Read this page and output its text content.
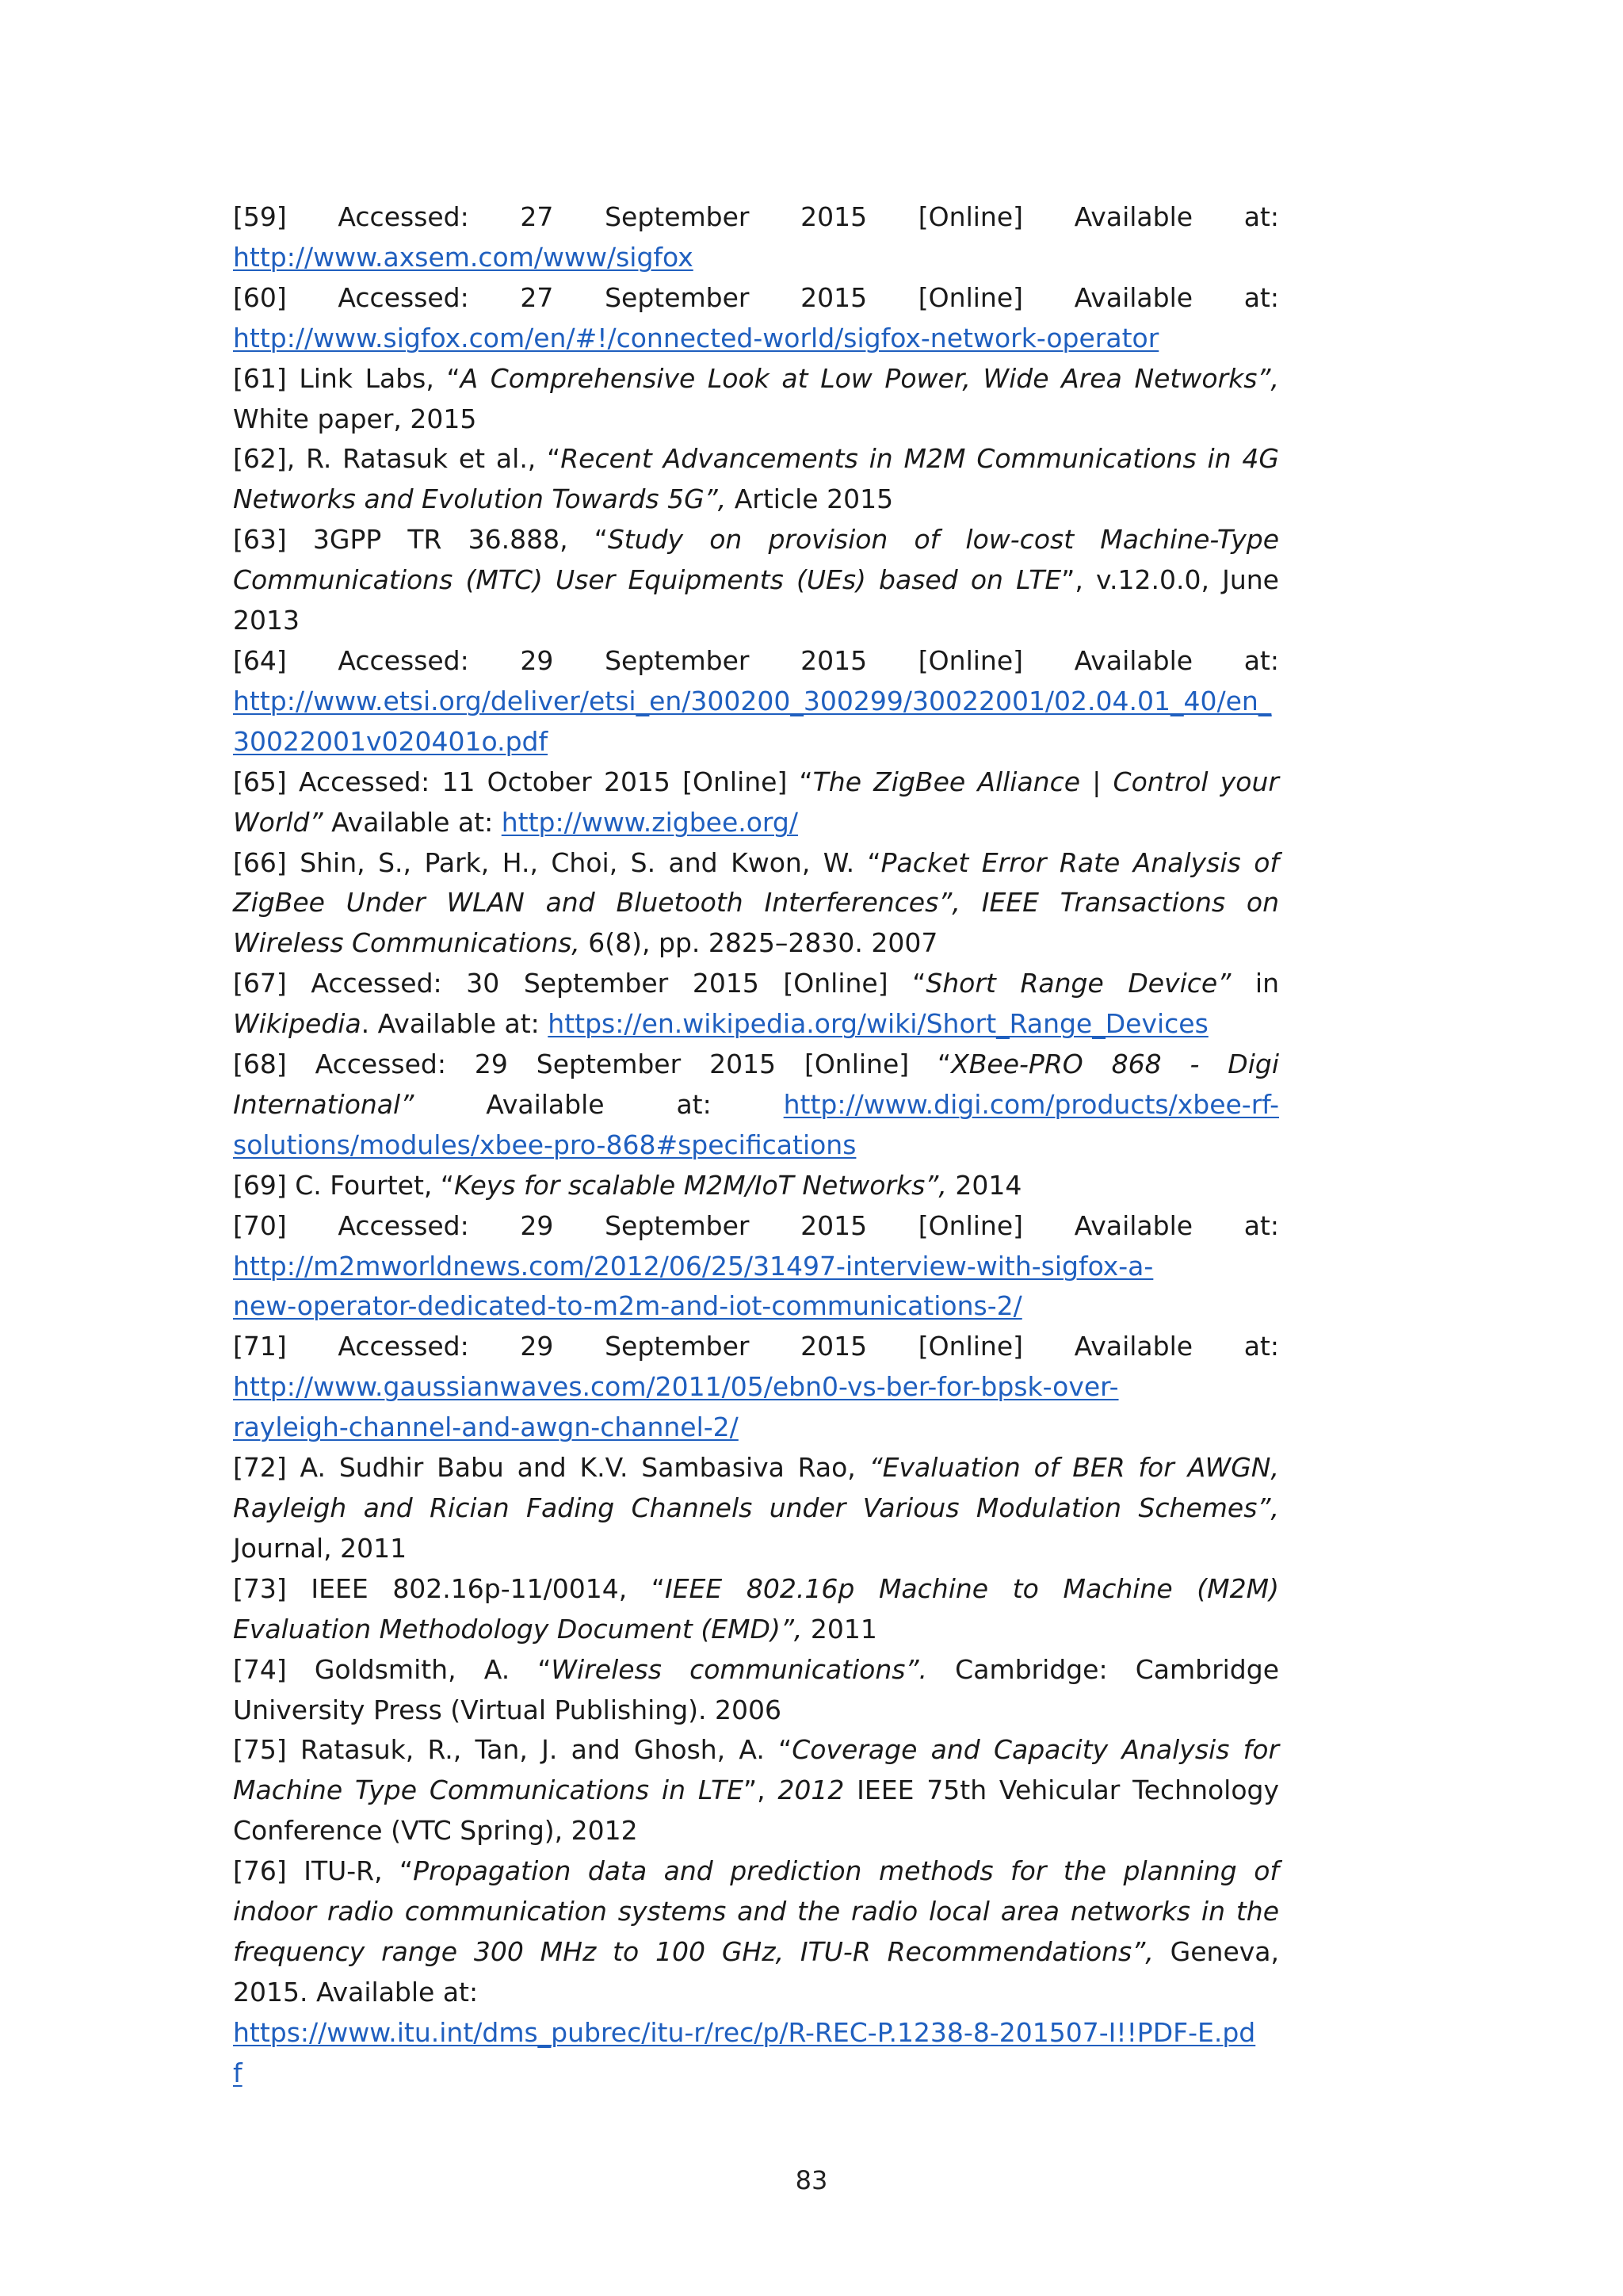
[59] Accessed: 27 September 2015 [Online] Available at:

http://www.axsem.com/www/sigfox

[60] Accessed: 27 September 2015 [Online] Available at:

http://www.sigfox.com/en/#!/connected-world/sigfox-network-operator

[61] Link Labs, “A Comprehensive Look at Low Power, Wide Area Networks”, White paper, 2015

[62], R. Ratasuk et al., “Recent Advancements in M2M Communications in 4G Networks and Evolution Towards 5G”, Article 2015

[63] 3GPP TR 36.888, “Study on provision of low-cost Machine-Type Communications (MTC) User Equipments (UEs) based on LTE”, v.12.0.0, June 2013

[64] Accessed: 29 September 2015 [Online] Available at:

http://www.etsi.org/deliver/etsi_en/300200_300299/30022001/02.04.01_40/en_30022001v020401o.pdf

[65] Accessed: 11 October 2015 [Online] “The ZigBee Alliance | Control your World” Available at: http://www.zigbee.org/

[66] Shin, S., Park, H., Choi, S. and Kwon, W. “Packet Error Rate Analysis of ZigBee Under WLAN and Bluetooth Interferences”, IEEE Transactions on Wireless Communications, 6(8), pp. 2825–2830. 2007

[67] Accessed: 30 September 2015 [Online] “Short Range Device” in Wikipedia. Available at: https://en.wikipedia.org/wiki/Short_Range_Devices

[68] Accessed: 29 September 2015 [Online] “XBee-PRO 868 - Digi International” Available at: http://www.digi.com/products/xbee-rf-solutions/modules/xbee-pro-868#specifications

[69] C. Fourtet, “Keys for scalable M2M/IoT Networks”, 2014

[70] Accessed: 29 September 2015 [Online] Available at:

http://m2mworldnews.com/2012/06/25/31497-interview-with-sigfox-a-new-operator-dedicated-to-m2m-and-iot-communications-2/

[71] Accessed: 29 September 2015 [Online] Available at:

http://www.gaussianwaves.com/2011/05/ebn0-vs-ber-for-bpsk-over-rayleigh-channel-and-awgn-channel-2/

[72] A. Sudhir Babu and K.V. Sambasiva Rao, “Evaluation of BER for AWGN, Rayleigh and Rician Fading Channels under Various Modulation Schemes”, Journal, 2011

[73] IEEE 802.16p-11/0014, “IEEE 802.16p Machine to Machine (M2M) Evaluation Methodology Document (EMD)”, 2011

[74] Goldsmith, A. “Wireless communications”. Cambridge: Cambridge University Press (Virtual Publishing). 2006

[75] Ratasuk, R., Tan, J. and Ghosh, A. “Coverage and Capacity Analysis for Machine Type Communications in LTE”, 2012 IEEE 75th Vehicular Technology Conference (VTC Spring), 2012

[76] ITU-R, “Propagation data and prediction methods for the planning of indoor radio communication systems and the radio local area networks in the frequency range 300 MHz to 100 GHz, ITU-R Recommendations”, Geneva, 2015. Available at:

https://www.itu.int/dms_pubrec/itu-r/rec/p/R-REC-P.1238-8-201507-I!!PDF-E.pdf

83
